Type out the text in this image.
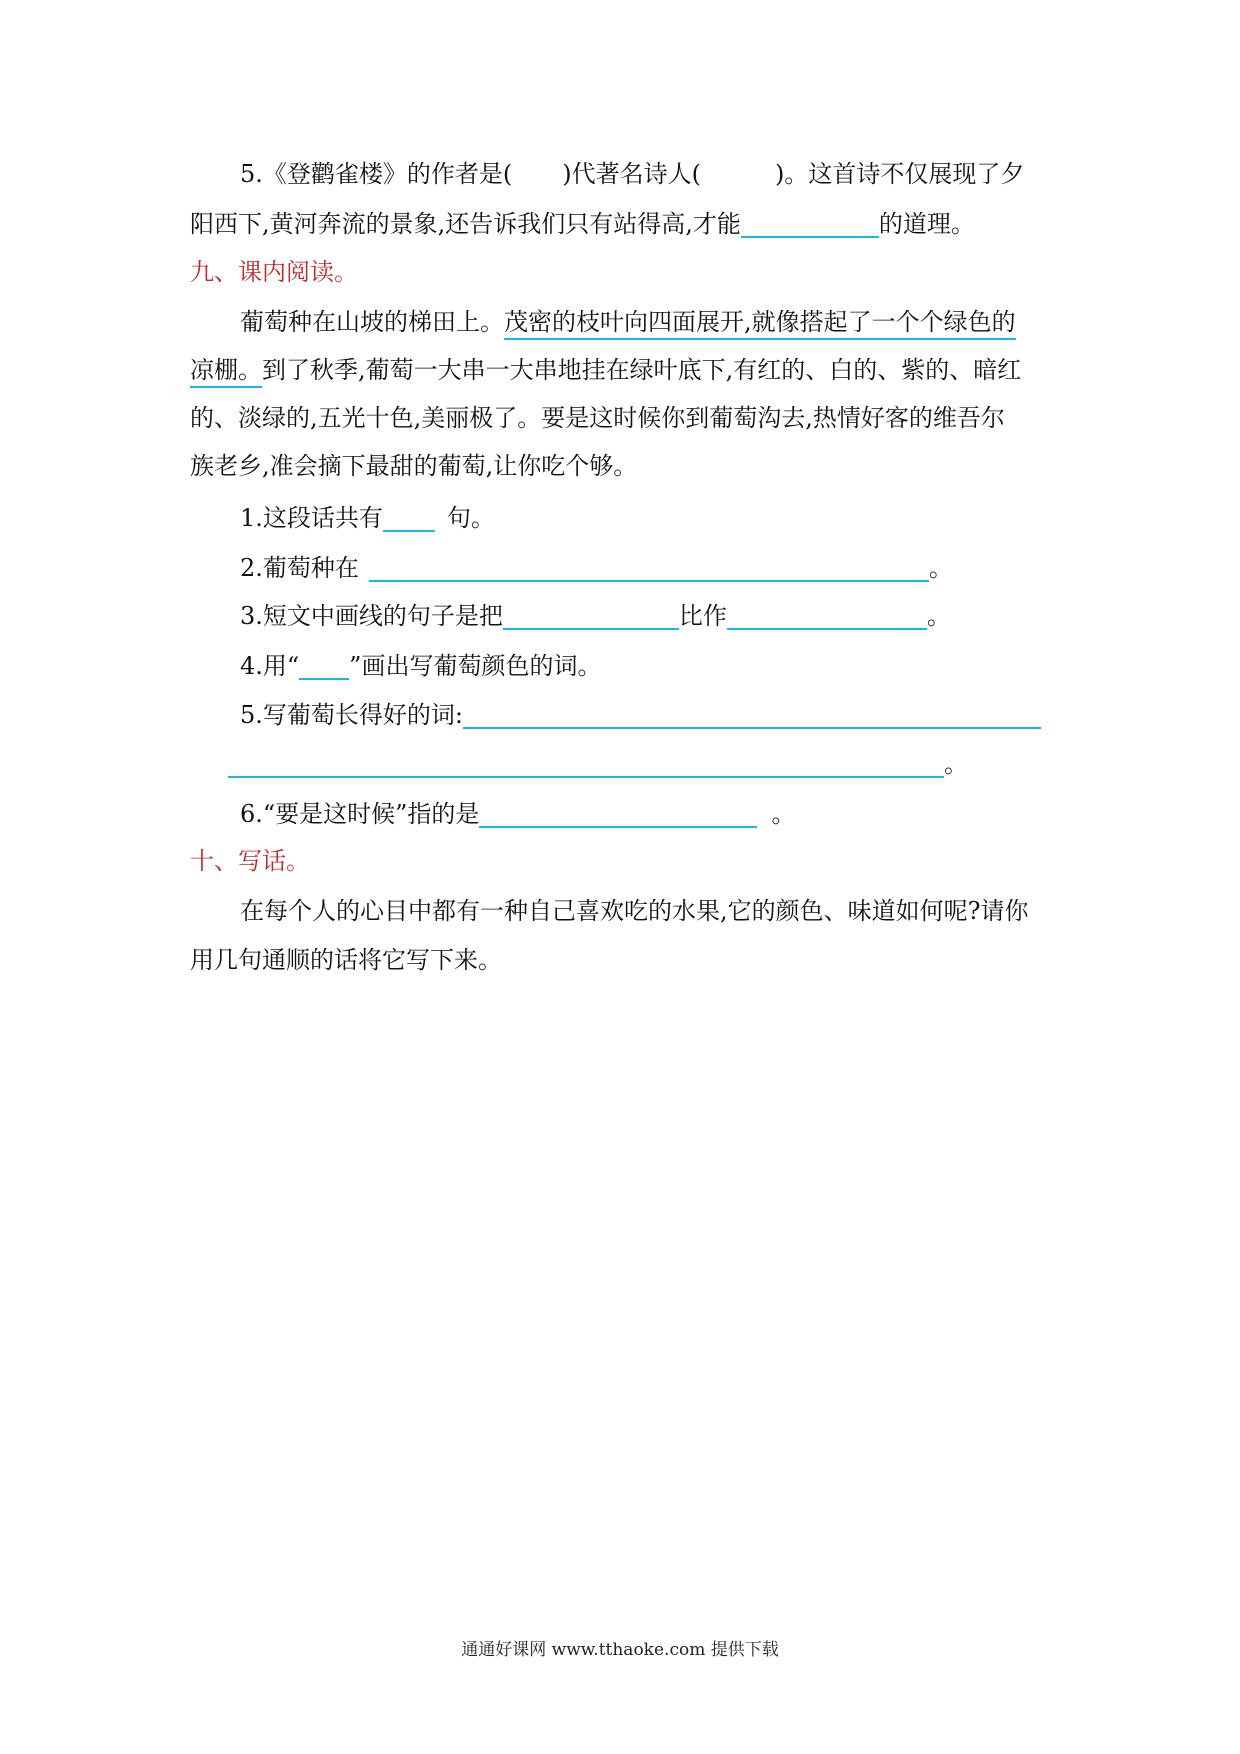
5.《登鹳雀楼》的作者是( )代著名诗人(	)。这首诗不仅展现了夕
阳西下,黄河奔流的景象,还告诉我们只有站得高,才能	的道理。
九、课内阅读。
葡萄种在山坡的梯田上。茂密的枝叶向四面展开,就像搭起了一个个绿色的
凉棚。到了秋季,葡萄一大串一大串地挂在绿叶底下,有红的、白的、紫的、暗红
的、淡绿的,五光十色,美丽极了。要是这时候你到葡萄沟去,热情好客的维吾尔
族老乡,准会摘下最甜的葡萄,让你吃个够。
1.这段话共有	句。
2.葡萄种在	。
3.短文中画线的句子是把	比作	。
4.用“ ”画出写葡萄颜色的词。
5.写葡萄长得好的词:
。
6.“要是这时候”指的是	。
十、写话。
在每个人的心目中都有一种自己喜欢吃的水果,它的颜色、味道如何呢?请你
用几句通顺的话将它写下来。
通通好课网 www.tthaoke.com 提供下载
